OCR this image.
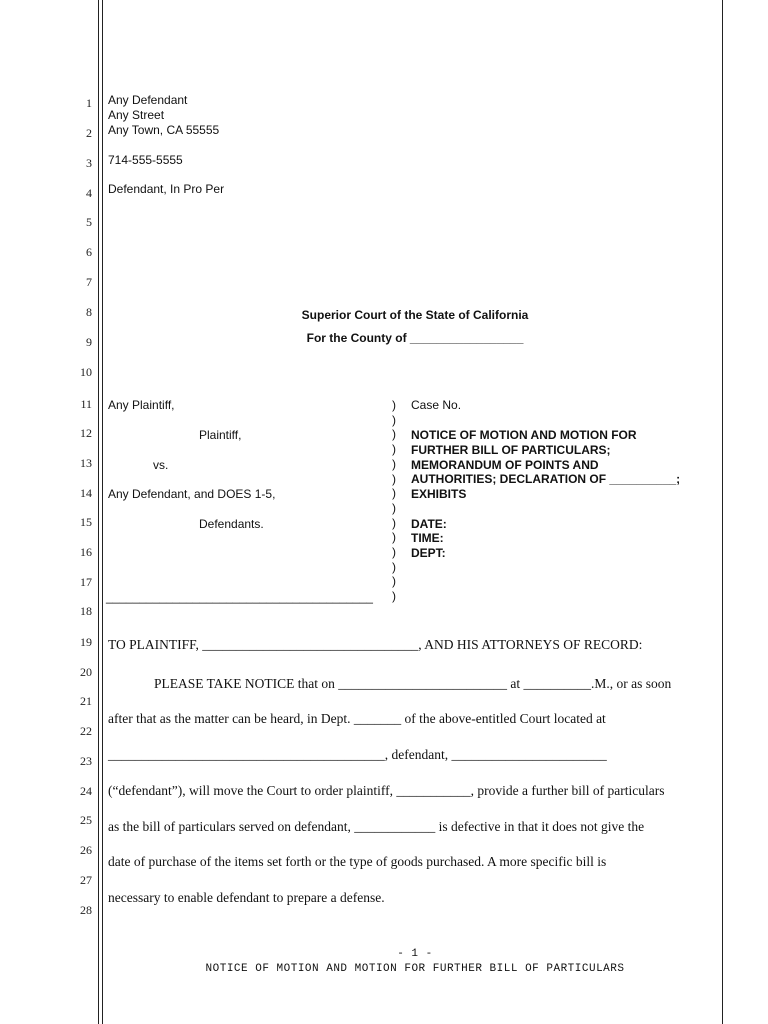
1
2
3
4
5
6
7
8
9
10
11
12
13
14
15
16
17
18
19
20
21
22
23
24
25
26
27
28
Any Defendant
Any Street
Any Town, CA 55555
714-555-5555
Defendant, In Pro Per
Superior Court of the State of California
For the County of _________________
Any Plaintiff,
Plaintiff,
vs.
Any Defendant, and DOES 1-5,
Defendants.
________________________________________
)
)
)
)
)
)
)
)
)
)
)
)
)
)
Case No.
NOTICE OF MOTION AND MOTION FOR
FURTHER BILL OF PARTICULARS;
MEMORANDUM OF POINTS AND
AUTHORITIES; DECLARATION OF __________;
EXHIBITS
DATE:
TIME:
DEPT:
TO PLAINTIFF, ________________________________, AND HIS ATTORNEYS OF RECORD:
PLEASE TAKE NOTICE that on _________________________ at __________.M., or as soon
after that as the matter can be heard, in Dept. _______ of the above-entitled Court located at
_________________________________________, defendant, _______________________
(“defendant”), will move the Court to order plaintiff, ___________, provide a further bill of particulars
as the bill of particulars served on defendant, ____________ is defective in that it does not give the
date of purchase of the items set forth or the type of goods purchased. A more specific bill is
necessary to enable defendant to prepare a defense.
- 1 -
NOTICE OF MOTION AND MOTION FOR FURTHER BILL OF PARTICULARS
